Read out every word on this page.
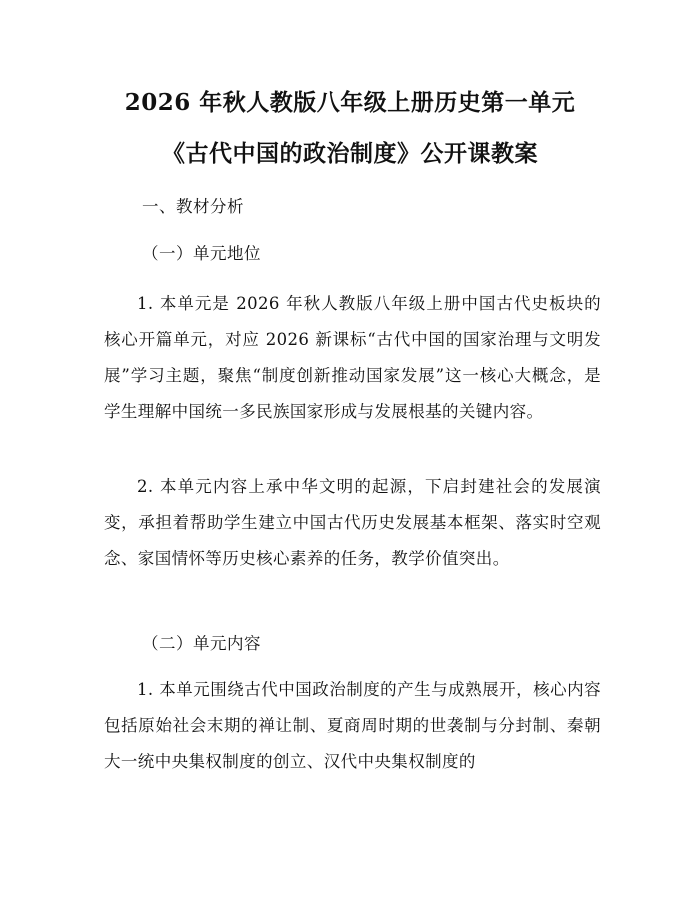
2026 年秋人教版八年级上册历史第一单元
《古代中国的政治制度》公开课教案
一、教材分析
（一）单元地位
1. 本单元是 2026 年秋人教版八年级上册中国古代史板块的核心开篇单元，对应 2026 新课标“古代中国的国家治理与文明发展”学习主题，聚焦“制度创新推动国家发展”这一核心大概念，是学生理解中国统一多民族国家形成与发展根基的关键内容。
2. 本单元内容上承中华文明的起源，下启封建社会的发展演变，承担着帮助学生建立中国古代历史发展基本框架、落实时空观念、家国情怀等历史核心素养的任务，教学价值突出。
（二）单元内容
1. 本单元围绕古代中国政治制度的产生与成熟展开，核心内容包括原始社会末期的禅让制、夏商周时期的世袭制与分封制、秦朝大一统中央集权制度的创立、汉代中央集权制度的
